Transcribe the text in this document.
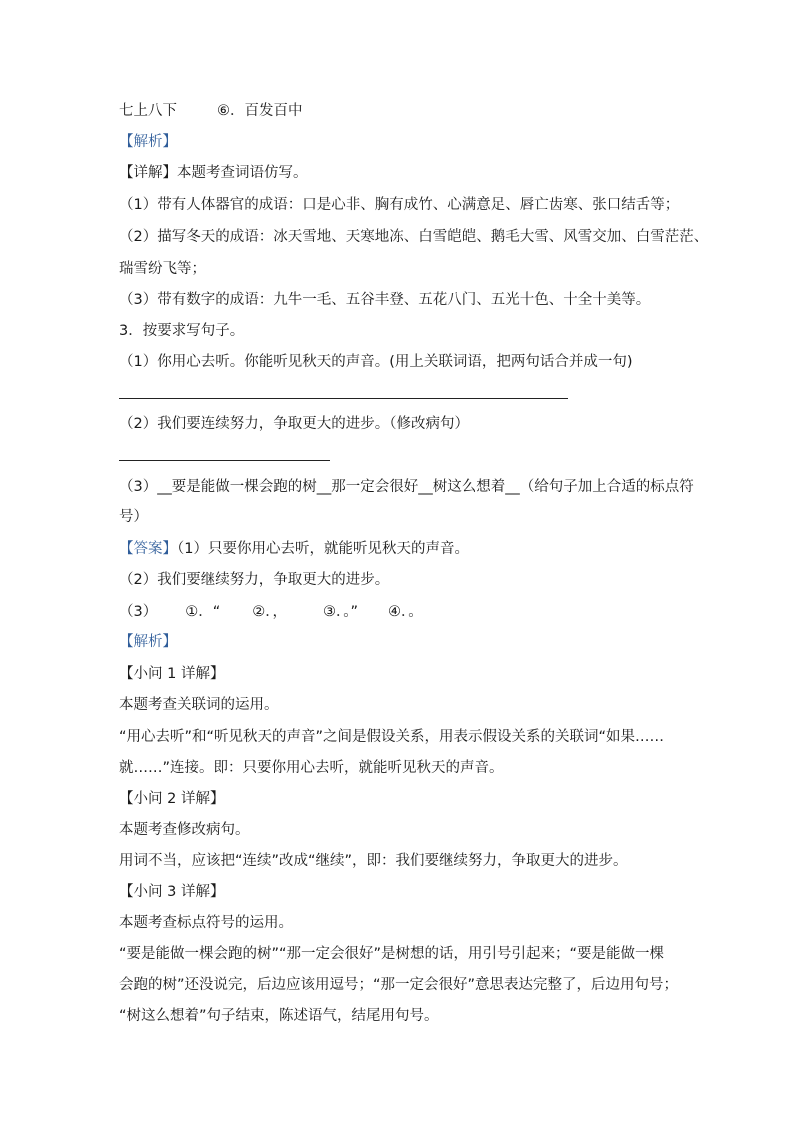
七上八下	⑥．百发百中
【解析】
【详解】本题考查词语仿写。
（1）带有人体器官的成语：口是心非、胸有成竹、心满意足、唇亡齿寒、张口结舌等；
（2）描写冬天的成语：冰天雪地、天寒地冻、白雪皑皑、鹅毛大雪、风雪交加、白雪茫茫、
瑞雪纷飞等；
（3）带有数字的成语：九牛一毛、五谷丰登、五花八门、五光十色、十全十美等。
3．按要求写句子。
（1）你用心去听。你能听见秋天的声音。(用上关联词语，把两句话合并成一句)
（2）我们要连续努力，争取更大的进步。（修改病句）
（3）__要是能做一棵会跑的树__那一定会很好__树这么想着__（给句子加上合适的标点符
号）
【答案】（1）只要你用心去听，就能听见秋天的声音。
（2）我们要继续努力，争取更大的进步。
（3） ①．“ ②．， ③．。” ④．。
【解析】
【小问 1 详解】
本题考查关联词的运用。
“用心去听”和“听见秋天的声音”之间是假设关系，用表示假设关系的关联词“如果……
就……”连接。即：只要你用心去听，就能听见秋天的声音。
【小问 2 详解】
本题考查修改病句。
用词不当，应该把“连续”改成“继续”，即：我们要继续努力，争取更大的进步。
【小问 3 详解】
本题考查标点符号的运用。
“要是能做一棵会跑的树”“那一定会很好”是树想的话，用引号引起来；“要是能做一棵
会跑的树”还没说完，后边应该用逗号；“那一定会很好”意思表达完整了，后边用句号；
“树这么想着”句子结束，陈述语气，结尾用句号。
